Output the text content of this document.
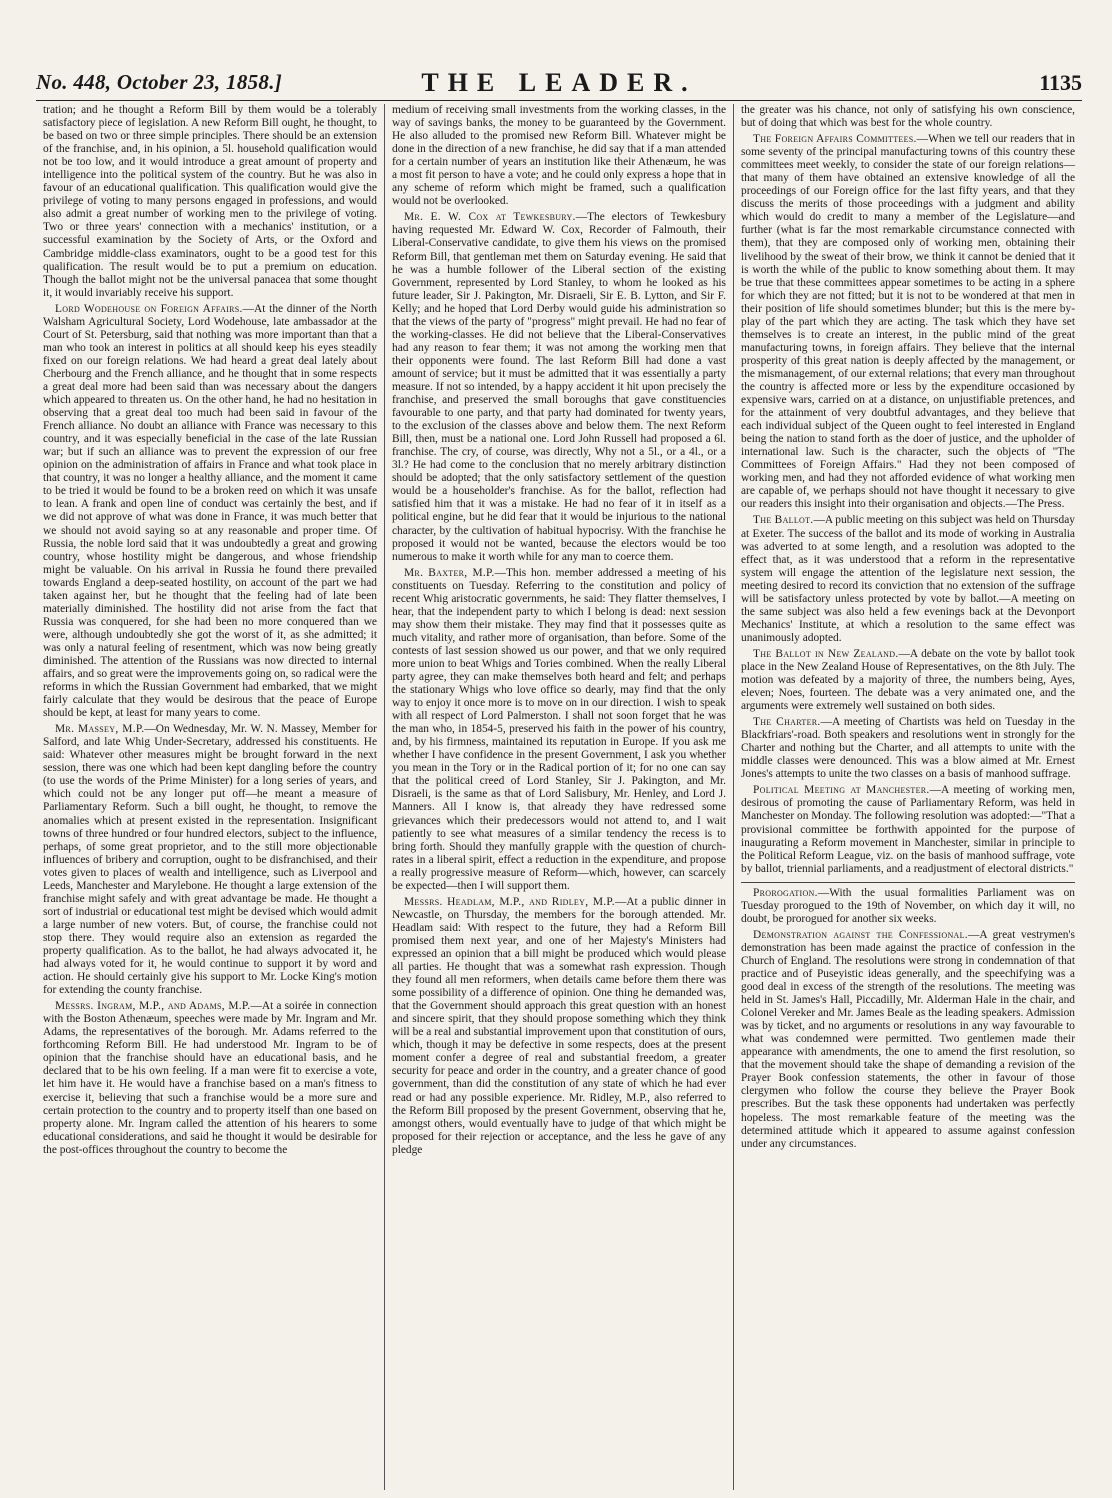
No. 448, October 23, 1858.]	THE LEADER.	1135

tration; and he thought a Reform Bill by them would be a tolerably satisfactory piece of legislation. A new Reform Bill ought, he thought, to be based on two or three simple principles. There should be an extension of the franchise, and, in his opinion, a 5l. household qualification would not be too low, and it would introduce a great amount of property and intelligence into the political system of the country. But he was also in favour of an educational qualification. This qualification would give the privilege of voting to many persons engaged in professions, and would also admit a great number of working men to the privilege of voting. Two or three years' connection with a mechanics' institution, or a successful examination by the Society of Arts, or the Oxford and Cambridge middle-class examinators, ought to be a good test for this qualification. The result would be to put a premium on education. Though the ballot might not be the universal panacea that some thought it, it would invariably receive his support.

Lord Wodehouse on Foreign Affairs.—At the dinner of the North Walsham Agricultural Society, Lord Wodehouse, late ambassador at the Court of St. Petersburg, said that nothing was more important than that a man who took an interest in politics at all should keep his eyes steadily fixed on our foreign relations. We had heard a great deal lately about Cherbourg and the French alliance, and he thought that in some respects a great deal more had been said than was necessary about the dangers which appeared to threaten us. On the other hand, he had no hesitation in observing that a great deal too much had been said in favour of the French alliance. No doubt an alliance with France was necessary to this country, and it was especially beneficial in the case of the late Russian war; but if such an alliance was to prevent the expression of our free opinion on the administration of affairs in France and what took place in that country, it was no longer a healthy alliance, and the moment it came to be tried it would be found to be a broken reed on which it was unsafe to lean. A frank and open line of conduct was certainly the best, and if we did not approve of what was done in France, it was much better that we should not avoid saying so at any reasonable and proper time. Of Russia, the noble lord said that it was undoubtedly a great and growing country, whose hostility might be dangerous, and whose friendship might be valuable. On his arrival in Russia he found there prevailed towards England a deep-seated hostility, on account of the part we had taken against her, but he thought that the feeling had of late been materially diminished. The hostility did not arise from the fact that Russia was conquered, for she had been no more conquered than we were, although undoubtedly she got the worst of it, as she admitted; it was only a natural feeling of resentment, which was now being greatly diminished. The attention of the Russians was now directed to internal affairs, and so great were the improvements going on, so radical were the reforms in which the Russian Government had embarked, that we might fairly calculate that they would be desirous that the peace of Europe should be kept, at least for many years to come.

Mr. Massey, M.P.—On Wednesday, Mr. W. N. Massey, Member for Salford, and late Whig Under-Secretary, addressed his constituents. He said: Whatever other measures might be brought forward in the next session, there was one which had been kept dangling before the country (to use the words of the Prime Minister) for a long series of years, and which could not be any longer put off—he meant a measure of Parliamentary Reform. Such a bill ought, he thought, to remove the anomalies which at present existed in the representation. Insignificant towns of three hundred or four hundred electors, subject to the influence, perhaps, of some great proprietor, and to the still more objectionable influences of bribery and corruption, ought to be disfranchised, and their votes given to places of wealth and intelligence, such as Liverpool and Leeds, Manchester and Marylebone. He thought a large extension of the franchise might safely and with great advantage be made. He thought a sort of industrial or educational test might be devised which would admit a large number of new voters. But, of course, the franchise could not stop there. They would require also an extension as regarded the property qualification. As to the ballot, he had always advocated it, he had always voted for it, he would continue to support it by word and action. He should certainly give his support to Mr. Locke King's motion for extending the county franchise.

Messrs. Ingram, M.P., and Adams, M.P.—At a soirée in connection with the Boston Athenæum, speeches were made by Mr. Ingram and Mr. Adams, the representatives of the borough. Mr. Adams referred to the forthcoming Reform Bill. He had understood Mr. Ingram to be of opinion that the franchise should have an educational basis, and he declared that to be his own feeling. If a man were fit to exercise a vote, let him have it. He would have a franchise based on a man's fitness to exercise it, believing that such a franchise would be a more sure and certain protection to the country and to property itself than one based on property alone. Mr. Ingram called the attention of his hearers to some educational considerations, and said he thought it would be desirable for the post-offices throughout the country to become the

medium of receiving small investments from the working classes, in the way of savings banks, the money to be guaranteed by the Government. He also alluded to the promised new Reform Bill. Whatever might be done in the direction of a new franchise, he did say that if a man attended for a certain number of years an institution like their Athenæum, he was a most fit person to have a vote; and he could only express a hope that in any scheme of reform which might be framed, such a qualification would not be overlooked.

Mr. E. W. Cox at Tewkesbury.—The electors of Tewkesbury having requested Mr. Edward W. Cox, Recorder of Falmouth, their Liberal-Conservative candidate, to give them his views on the promised Reform Bill, that gentleman met them on Saturday evening. He said that he was a humble follower of the Liberal section of the existing Government, represented by Lord Stanley, to whom he looked as his future leader, Sir J. Pakington, Mr. Disraeli, Sir E. B. Lytton, and Sir F. Kelly; and he hoped that Lord Derby would guide his administration so that the views of the party of "progress" might prevail. He had no fear of the working-classes. He did not believe that the Liberal-Conservatives had any reason to fear them; it was not among the working men that their opponents were found. The last Reform Bill had done a vast amount of service; but it must be admitted that it was essentially a party measure. If not so intended, by a happy accident it hit upon precisely the franchise, and preserved the small boroughs that gave constituencies favourable to one party, and that party had dominated for twenty years, to the exclusion of the classes above and below them. The next Reform Bill, then, must be a national one. Lord John Russell had proposed a 6l. franchise. The cry, of course, was directly, Why not a 5l., or a 4l., or a 3l.? He had come to the conclusion that no merely arbitrary distinction should be adopted; that the only satisfactory settlement of the question would be a householder's franchise. As for the ballot, reflection had satisfied him that it was a mistake. He had no fear of it in itself as a political engine, but he did fear that it would be injurious to the national character, by the cultivation of habitual hypocrisy. With the franchise he proposed it would not be wanted, because the electors would be too numerous to make it worth while for any man to coerce them.

Mr. Baxter, M.P.—This hon. member addressed a meeting of his constituents on Tuesday. Referring to the constitution and policy of recent Whig aristocratic governments, he said: They flatter themselves, I hear, that the independent party to which I belong is dead: next session may show them their mistake. They may find that it possesses quite as much vitality, and rather more of organisation, than before. Some of the contests of last session showed us our power, and that we only required more union to beat Whigs and Tories combined. When the really Liberal party agree, they can make themselves both heard and felt; and perhaps the stationary Whigs who love office so dearly, may find that the only way to enjoy it once more is to move on in our direction. I wish to speak with all respect of Lord Palmerston. I shall not soon forget that he was the man who, in 1854-5, preserved his faith in the power of his country, and, by his firmness, maintained its reputation in Europe. If you ask me whether I have confidence in the present Government, I ask you whether you mean in the Tory or in the Radical portion of it; for no one can say that the political creed of Lord Stanley, Sir J. Pakington, and Mr. Disraeli, is the same as that of Lord Salisbury, Mr. Henley, and Lord J. Manners. All I know is, that already they have redressed some grievances which their predecessors would not attend to, and I wait patiently to see what measures of a similar tendency the recess is to bring forth. Should they manfully grapple with the question of church-rates in a liberal spirit, effect a reduction in the expenditure, and propose a really progressive measure of Reform—which, however, can scarcely be expected—then I will support them.

Messrs. Headlam, M.P., and Ridley, M.P.—At a public dinner in Newcastle, on Thursday, the members for the borough attended. Mr. Headlam said: With respect to the future, they had a Reform Bill promised them next year, and one of her Majesty's Ministers had expressed an opinion that a bill might be produced which would please all parties. He thought that was a somewhat rash expression. Though they found all men reformers, when details came before them there was some possibility of a difference of opinion. One thing he demanded was, that the Government should approach this great question with an honest and sincere spirit, that they should propose something which they think will be a real and substantial improvement upon that constitution of ours, which, though it may be defective in some respects, does at the present moment confer a degree of real and substantial freedom, a greater security for peace and order in the country, and a greater chance of good government, than did the constitution of any state of which he had ever read or had any possible experience. Mr. Ridley, M.P., also referred to the Reform Bill proposed by the present Government, observing that he, amongst others, would eventually have to judge of that which might be proposed for their rejection or acceptance, and the less he gave of any pledge

the greater was his chance, not only of satisfying his own conscience, but of doing that which was best for the whole country.

The Foreign Affairs Committees.—When we tell our readers that in some seventy of the principal manufacturing towns of this country these committees meet weekly, to consider the state of our foreign relations—that many of them have obtained an extensive knowledge of all the proceedings of our Foreign office for the last fifty years, and that they discuss the merits of those proceedings with a judgment and ability which would do credit to many a member of the Legislature—and further (what is far the most remarkable circumstance connected with them), that they are composed only of working men, obtaining their livelihood by the sweat of their brow, we think it cannot be denied that it is worth the while of the public to know something about them. It may be true that these committees appear sometimes to be acting in a sphere for which they are not fitted; but it is not to be wondered at that men in their position of life should sometimes blunder; but this is the mere by-play of the part which they are acting. The task which they have set themselves is to create an interest, in the public mind of the great manufacturing towns, in foreign affairs. They believe that the internal prosperity of this great nation is deeply affected by the management, or the mismanagement, of our external relations; that every man throughout the country is affected more or less by the expenditure occasioned by expensive wars, carried on at a distance, on unjustifiable pretences, and for the attainment of very doubtful advantages, and they believe that each individual subject of the Queen ought to feel interested in England being the nation to stand forth as the doer of justice, and the upholder of international law. Such is the character, such the objects of "The Committees of Foreign Affairs." Had they not been composed of working men, and had they not afforded evidence of what working men are capable of, we perhaps should not have thought it necessary to give our readers this insight into their organisation and objects.—The Press.

The Ballot.—A public meeting on this subject was held on Thursday at Exeter. The success of the ballot and its mode of working in Australia was adverted to at some length, and a resolution was adopted to the effect that, as it was understood that a reform in the representative system will engage the attention of the legislature next session, the meeting desired to record its conviction that no extension of the suffrage will be satisfactory unless protected by vote by ballot.—A meeting on the same subject was also held a few evenings back at the Devonport Mechanics' Institute, at which a resolution to the same effect was unanimously adopted.

The Ballot in New Zealand.—A debate on the vote by ballot took place in the New Zealand House of Representatives, on the 8th July. The motion was defeated by a majority of three, the numbers being, Ayes, eleven; Noes, fourteen. The debate was a very animated one, and the arguments were extremely well sustained on both sides.

The Charter.—A meeting of Chartists was held on Tuesday in the Blackfriars'-road. Both speakers and resolutions went in strongly for the Charter and nothing but the Charter, and all attempts to unite with the middle classes were denounced. This was a blow aimed at Mr. Ernest Jones's attempts to unite the two classes on a basis of manhood suffrage.

Political Meeting at Manchester.—A meeting of working men, desirous of promoting the cause of Parliamentary Reform, was held in Manchester on Monday. The following resolution was adopted:—"That a provisional committee be forthwith appointed for the purpose of inaugurating a Reform movement in Manchester, similar in principle to the Political Reform League, viz. on the basis of manhood suffrage, vote by ballot, triennial parliaments, and a readjustment of electoral districts."

Prorogation.—With the usual formalities Parliament was on Tuesday prorogued to the 19th of November, on which day it will, no doubt, be prorogued for another six weeks.

Demonstration against the Confessional.—A great vestrymen's demonstration has been made against the practice of confession in the Church of England. The resolutions were strong in condemnation of that practice and of Puseyistic ideas generally, and the speechifying was a good deal in excess of the strength of the resolutions. The meeting was held in St. James's Hall, Piccadilly, Mr. Alderman Hale in the chair, and Colonel Vereker and Mr. James Beale as the leading speakers. Admission was by ticket, and no arguments or resolutions in any way favourable to what was condemned were permitted. Two gentlemen made their appearance with amendments, the one to amend the first resolution, so that the movement should take the shape of demanding a revision of the Prayer Book confession statements, the other in favour of those clergymen who follow the course they believe the Prayer Book prescribes. But the task these opponents had undertaken was perfectly hopeless. The most remarkable feature of the meeting was the determined attitude which it appeared to assume against confession under any circumstances.
